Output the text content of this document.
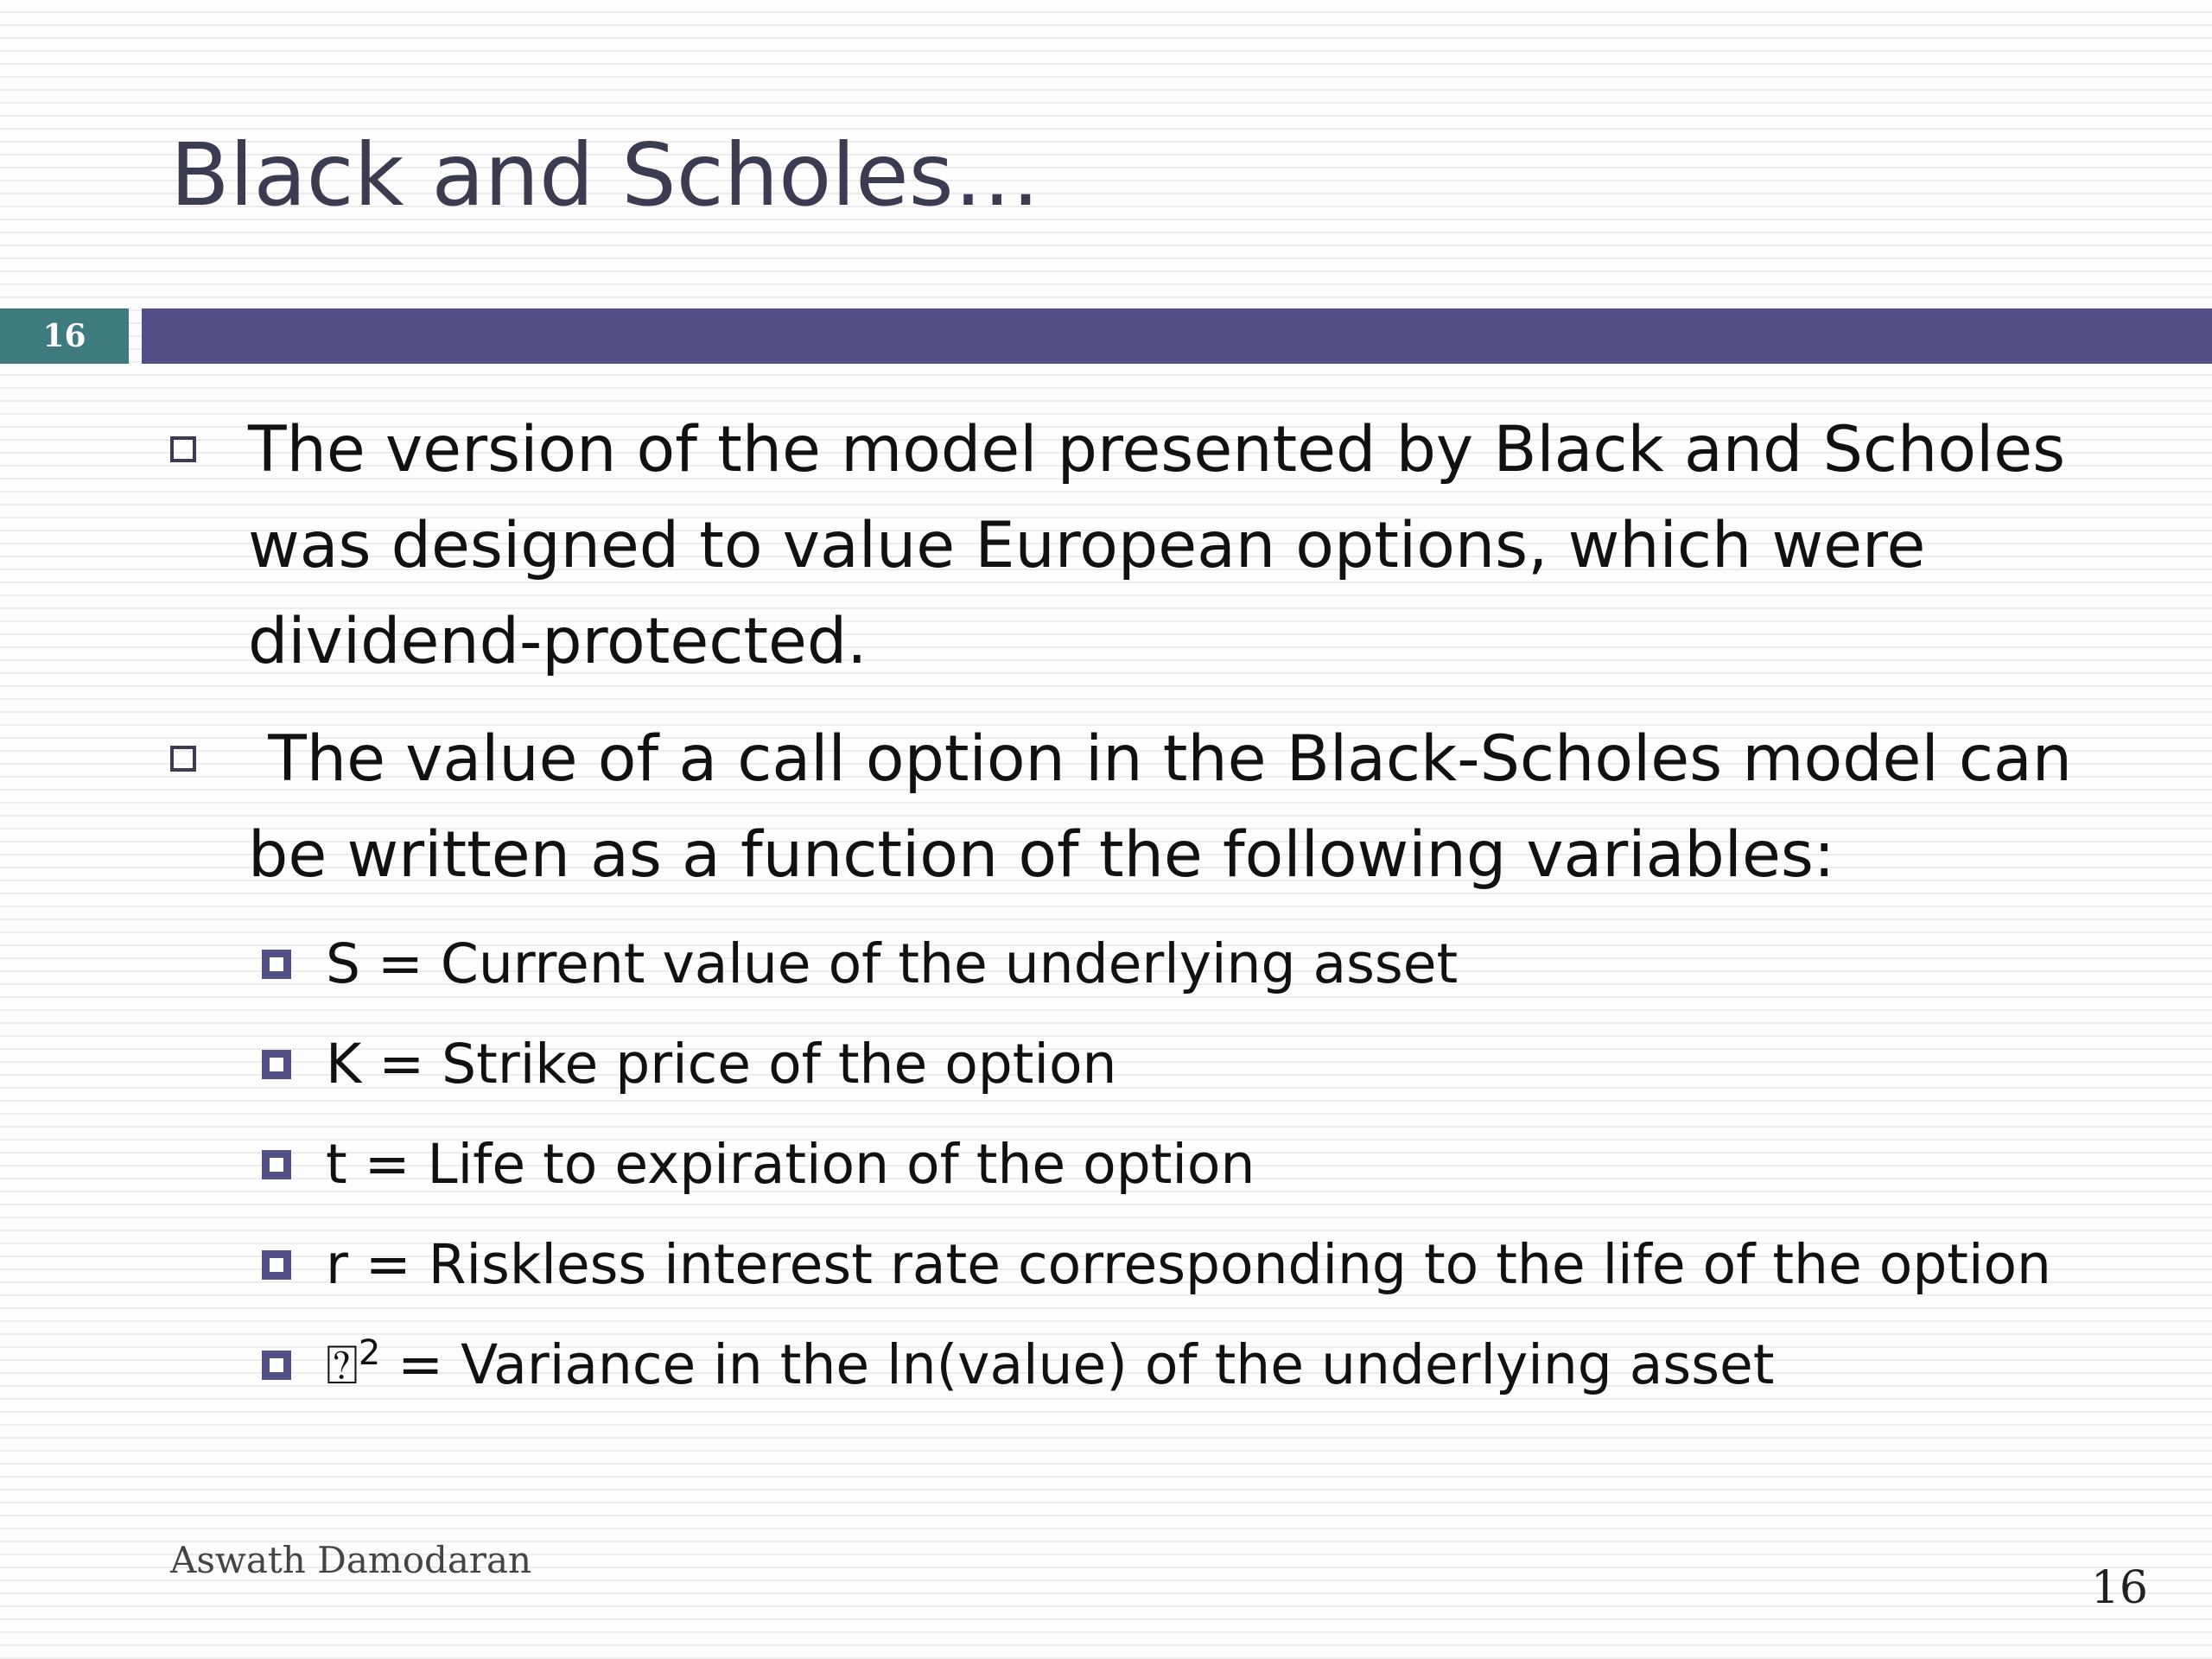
Black and Scholes…
16
The version of the model presented by Black and Scholes was designed to value European options, which were dividend-protected.
The value of a call option in the Black-Scholes model can be written as a function of the following variables:
S = Current value of the underlying asset
K = Strike price of the option
t = Life to expiration of the option
r = Riskless interest rate corresponding to the life of the option
⍰$^2$ = Variance in the ln(value) of the underlying asset
Aswath Damodaran
16
